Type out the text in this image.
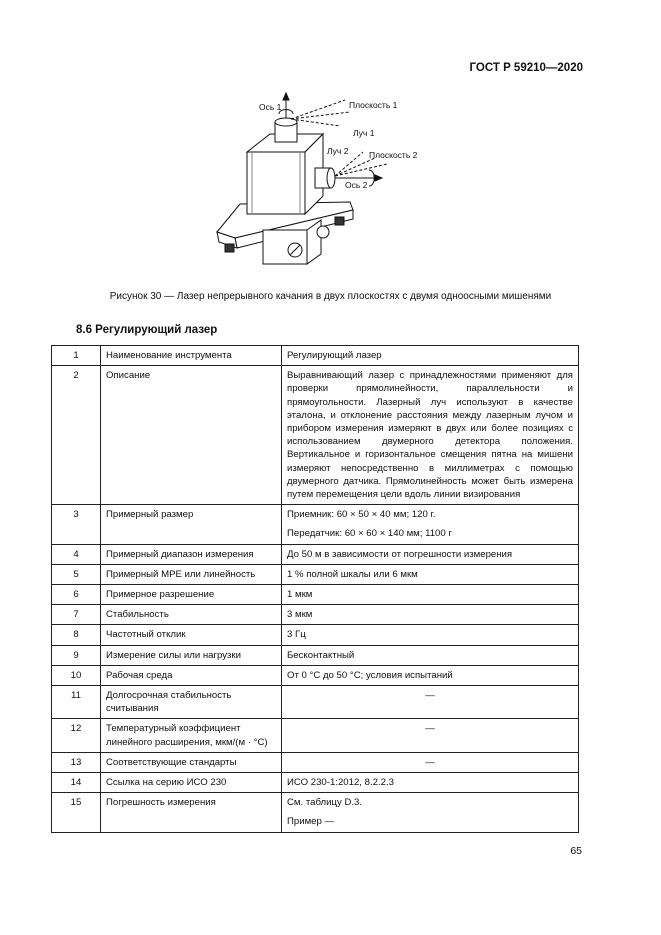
ГОСТ Р 59210—2020
Ось 1	Плоскость 1
Луч 1
Луч 2 Плоскость 2
Ось 2
Рисунок 30 — Лазер непрерывного качания в двух плоскостях с двумя одноосными мишенями
8.6 Регулирующий лазер
1	Наименование инструмента	Регулирующий лазер
2	Описание	Выравнивающий лазер с принадлежностями применяют для проверки прямолинейности, параллельности и прямоугольности. Лазерный луч используют в качестве эталона, и отклонение расстояния между лазерным лучом и прибором измерения измеряют в двух или более позициях с использованием двумерного детектора положения. Вертикальное и горизонтальное смещения пятна на мишени измеряют непосредственно в миллиметрах с помощью двумерного датчика. Прямолинейность может быть измерена путем перемещения цели вдоль линии визирования
3	Примерный размер	Приемник: 60 × 50 × 40 мм; 120 г.
Передатчик: 60 × 60 × 140 мм; 1100 г

4	Примерный диапазон измерения	До 50 м в зависимости от погрешности измерения
5	Примерный MPE или линейность	1 % полной шкалы или 6 мкм
6	Примерное разрешение	1 мкм
7	Стабильность	3 мкм
8	Частотный отклик	3 Гц
9	Измерение силы или нагрузки	Бесконтактный
10	Рабочая среда	От 0 °С до 50 °С; условия испытаний
11	Долгосрочная стабильность считывания	—
12	Температурный коэффициент линейного расширения, мкм/(м · °С)	—
13	Соответствующие стандарты	—
14	Ссылка на серию ИСО 230	ИСО 230-1:2012, 8.2.2.3
15	Погрешность измерения	См. таблицу D.3.
Пример —
65
